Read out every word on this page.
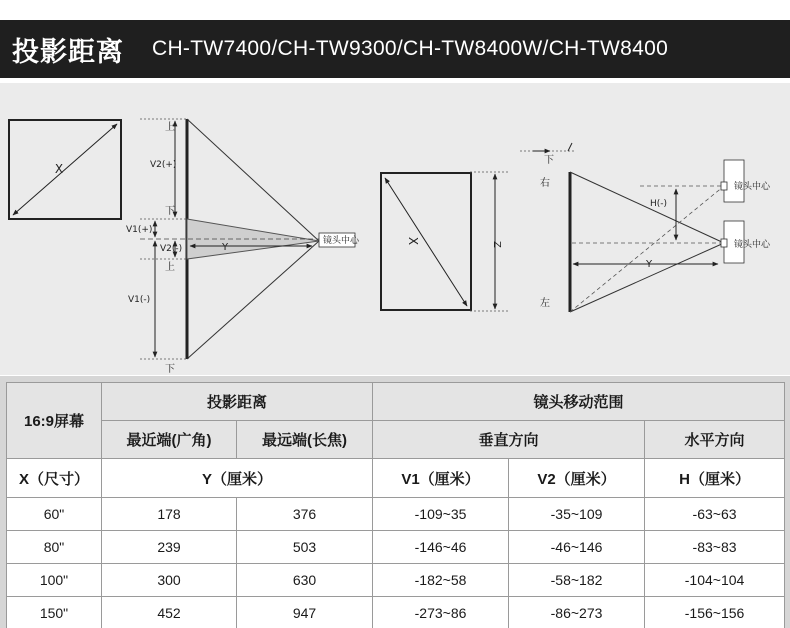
投影距离 CH-TW7400/CH-TW9300/CH-TW8400W/CH-TW8400
X
上
V2(+)
下
V1(+)
V2(-)
上
V1(-)
下
Y
镜头中心	X	Z
下
右
左
H(-)
Y
镜头中心
镜头中心
16:9屏幕	投影距离		镜头移动范围		
	最近端(广角)	最远端(长焦)	垂直方向		水平方向
X（尺寸）	Y（厘米）		V1（厘米）	V2（厘米）	H（厘米）
60"	178	376	-109~35	-35~109	-63~63
80"	239	503	-146~46	-46~146	-83~83
100"	300	630	-182~58	-58~182	-104~104
150"	452	947	-273~86	-86~273	-156~156
